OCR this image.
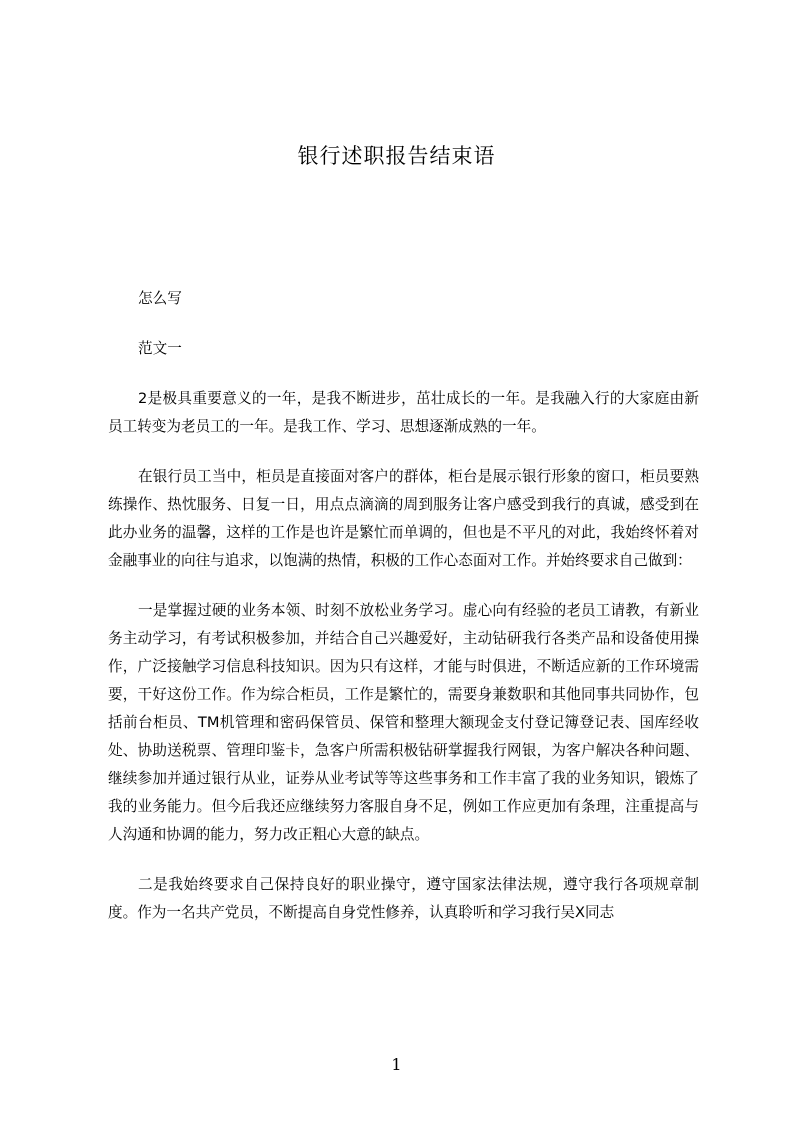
银行述职报告结束语

怎么写

范文一

2是极具重要意义的一年，是我不断进步，茁壮成长的一年。是我融入行的大家庭由新员工转变为老员工的一年。是我工作、学习、思想逐渐成熟的一年。

在银行员工当中，柜员是直接面对客户的群体，柜台是展示银行形象的窗口，柜员要熟练操作、热忱服务、日复一日，用点点滴滴的周到服务让客户感受到我行的真诚，感受到在此办业务的温馨，这样的工作是也许是繁忙而单调的，但也是不平凡的对此，我始终怀着对金融事业的向往与追求，以饱满的热情，积极的工作心态面对工作。并始终要求自己做到：

一是掌握过硬的业务本领、时刻不放松业务学习。虚心向有经验的老员工请教，有新业务主动学习，有考试积极参加，并结合自己兴趣爱好，主动钻研我行各类产品和设备使用操作，广泛接触学习信息科技知识。因为只有这样，才能与时俱进，不断适应新的工作环境需要，干好这份工作。作为综合柜员，工作是繁忙的，需要身兼数职和其他同事共同协作，包括前台柜员、TM机管理和密码保管员、保管和整理大额现金支付登记簿登记表、国库经收处、协助送税票、管理印鉴卡，急客户所需积极钻研掌握我行网银，为客户解决各种问题、继续参加并通过银行从业，证券从业考试等等这些事务和工作丰富了我的业务知识，锻炼了我的业务能力。但今后我还应继续努力客服自身不足，例如工作应更加有条理，注重提高与人沟通和协调的能力，努力改正粗心大意的缺点。

二是我始终要求自己保持良好的职业操守，遵守国家法律法规，遵守我行各项规章制度。作为一名共产党员，不断提高自身党性修养，认真聆听和学习我行吴X同志

1
